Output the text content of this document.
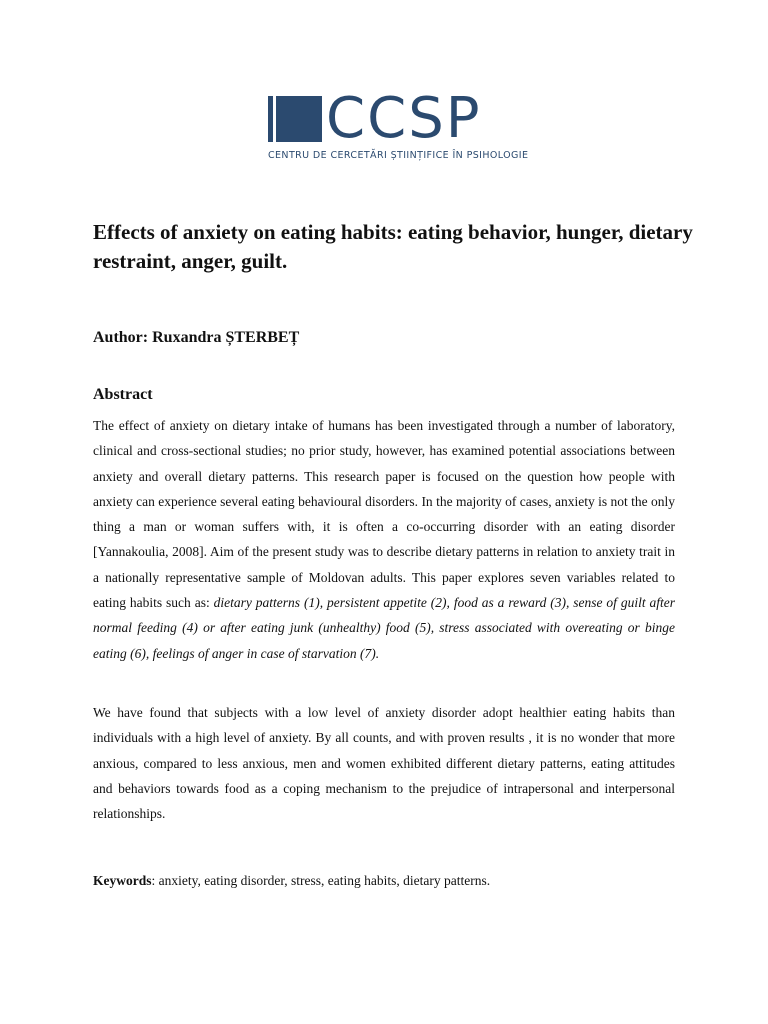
CCSP
CENTRU DE CERCETĂRI ȘTIINȚIFICE ÎN PSIHOLOGIE
Effects of anxiety on eating habits: eating behavior, hunger, dietary restraint, anger, guilt.

Author: Ruxandra ȘTERBEȚ

Abstract

The effect of anxiety on dietary intake of humans has been investigated through a number of laboratory, clinical and cross-sectional studies; no prior study, however, has examined potential associations between anxiety and overall dietary patterns. This research paper is focused on the question how people with anxiety can experience several eating behavioural disorders. In the majority of cases, anxiety is not the only thing a man or woman suffers with, it is often a co-occurring disorder with an eating disorder [Yannakoulia, 2008]. Aim of the present study was to describe dietary patterns in relation to anxiety trait in a nationally representative sample of Moldovan adults. This paper explores seven variables related to eating habits such as: dietary patterns (1), persistent appetite (2), food as a reward (3), sense of guilt after normal feeding (4) or after eating junk (unhealthy) food (5), stress associated with overeating or binge eating (6), feelings of anger in case of starvation (7).

We have found that subjects with a low level of anxiety disorder adopt healthier eating habits than individuals with a high level of anxiety. By all counts, and with proven results , it is no wonder that more anxious, compared to less anxious, men and women exhibited different dietary patterns, eating attitudes and behaviors towards food as a coping mechanism to the prejudice of intrapersonal and interpersonal relationships.

Keywords: anxiety, eating disorder, stress, eating habits, dietary patterns.
